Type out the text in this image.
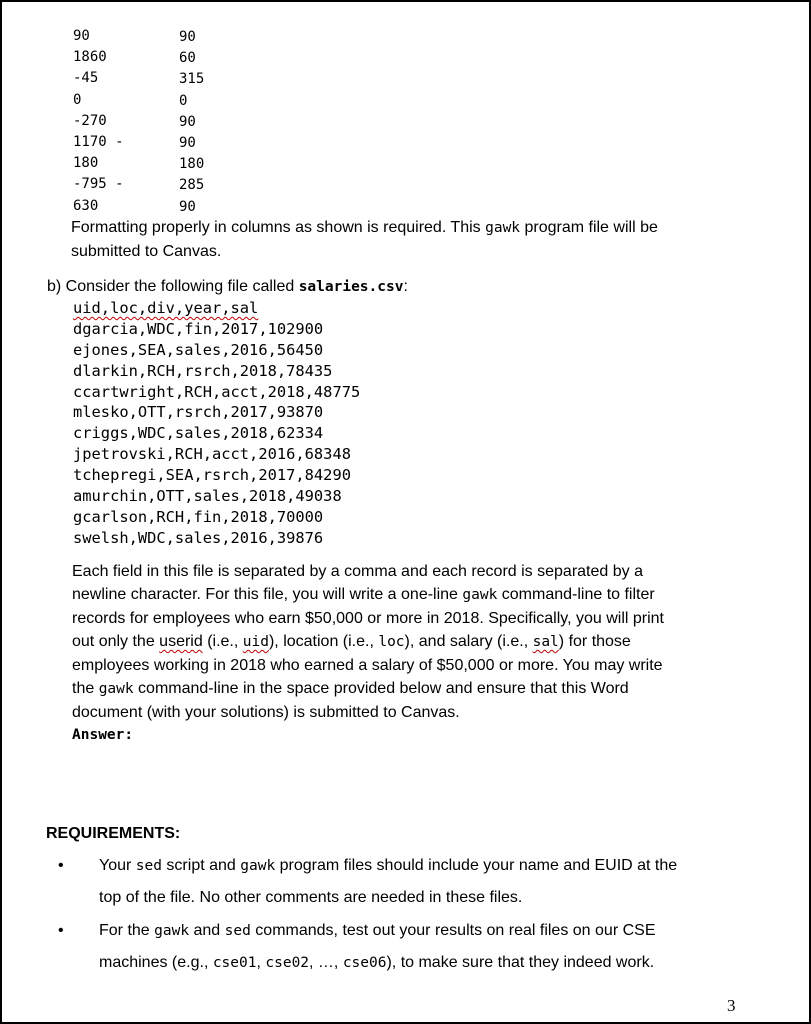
90
1860
-45
0
-270
1170 -
180
-795 -
630
90
60
315
0
90
90
180
285
90
Formatting properly in columns as shown is required. This gawk program file will be
submitted to Canvas.
b) Consider the following file called salaries.csv:
uid,loc,div,year,sal
dgarcia,WDC,fin,2017,102900
ejones,SEA,sales,2016,56450
dlarkin,RCH,rsrch,2018,78435
ccartwright,RCH,acct,2018,48775
mlesko,OTT,rsrch,2017,93870
criggs,WDC,sales,2018,62334
jpetrovski,RCH,acct,2016,68348
tchepregi,SEA,rsrch,2017,84290
amurchin,OTT,sales,2018,49038
gcarlson,RCH,fin,2018,70000
swelsh,WDC,sales,2016,39876
Each field in this file is separated by a comma and each record is separated by a
newline character. For this file, you will write a one-line gawk command-line to filter
records for employees who earn $50,000 or more in 2018. Specifically, you will print
out only the userid (i.e., uid), location (i.e., loc), and salary (i.e., sal) for those
employees working in 2018 who earned a salary of $50,000 or more. You may write
the gawk command-line in the space provided below and ensure that this Word
document (with your solutions) is submitted to Canvas.
Answer:
REQUIREMENTS:
• Your sed script and gawk program files should include your name and EUID at the
top of the file. No other comments are needed in these files.
• For the gawk and sed commands, test out your results on real files on our CSE
machines (e.g., cse01, cse02, …, cse06), to make sure that they indeed work.
3
